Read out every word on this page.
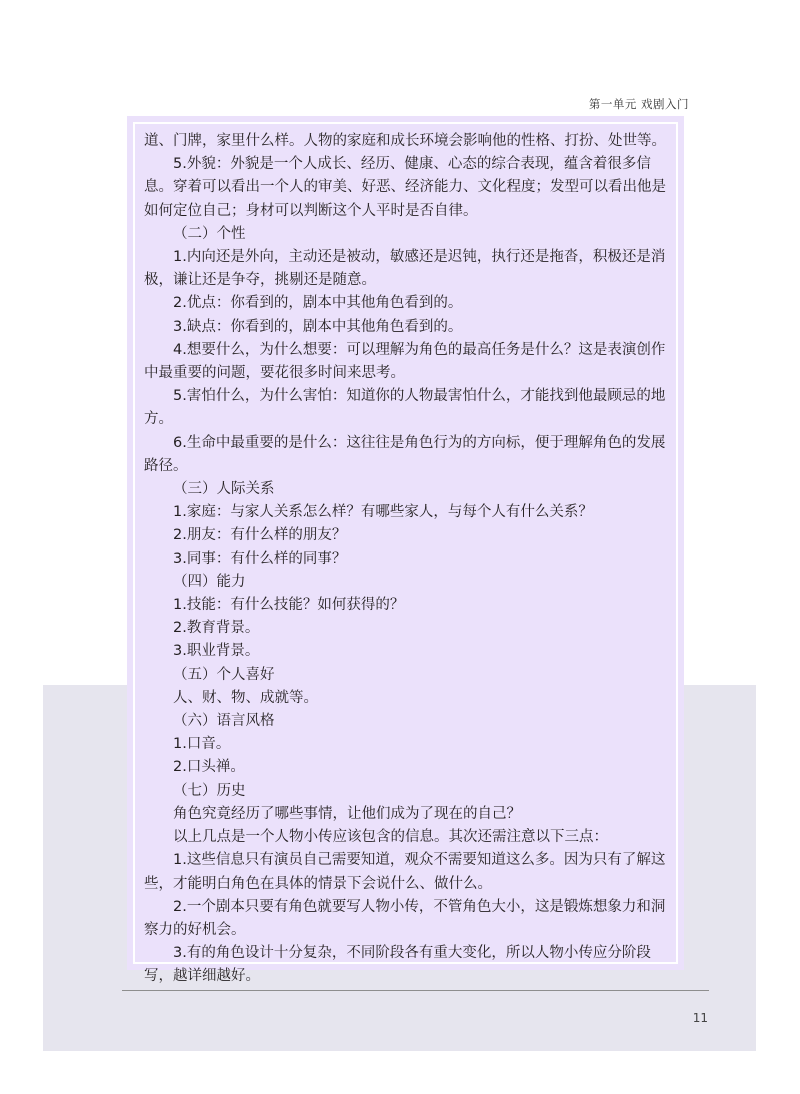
第一单元 戏剧入门

道、门牌，家里什么样。人物的家庭和成长环境会影响他的性格、打扮、处世等。

5.外貌：外貌是一个人成长、经历、健康、心态的综合表现，蕴含着很多信息。穿着可以看出一个人的审美、好恶、经济能力、文化程度；发型可以看出他是如何定位自己；身材可以判断这个人平时是否自律。

（二）个性

1.内向还是外向，主动还是被动，敏感还是迟钝，执行还是拖沓，积极还是消极，谦让还是争夺，挑剔还是随意。

2.优点：你看到的，剧本中其他角色看到的。

3.缺点：你看到的，剧本中其他角色看到的。

4.想要什么，为什么想要：可以理解为角色的最高任务是什么？这是表演创作中最重要的问题，要花很多时间来思考。

5.害怕什么，为什么害怕：知道你的人物最害怕什么，才能找到他最顾忌的地方。

6.生命中最重要的是什么：这往往是角色行为的方向标，便于理解角色的发展路径。

（三）人际关系

1.家庭：与家人关系怎么样？有哪些家人，与每个人有什么关系？

2.朋友：有什么样的朋友？

3.同事：有什么样的同事？

（四）能力

1.技能：有什么技能？如何获得的？

2.教育背景。

3.职业背景。

（五）个人喜好

人、财、物、成就等。

（六）语言风格

1.口音。

2.口头禅。

（七）历史

角色究竟经历了哪些事情，让他们成为了现在的自己？

以上几点是一个人物小传应该包含的信息。其次还需注意以下三点：

1.这些信息只有演员自己需要知道，观众不需要知道这么多。因为只有了解这些，才能明白角色在具体的情景下会说什么、做什么。

2.一个剧本只要有角色就要写人物小传，不管角色大小，这是锻炼想象力和洞察力的好机会。

3.有的角色设计十分复杂，不同阶段各有重大变化，所以人物小传应分阶段写，越详细越好。

11
